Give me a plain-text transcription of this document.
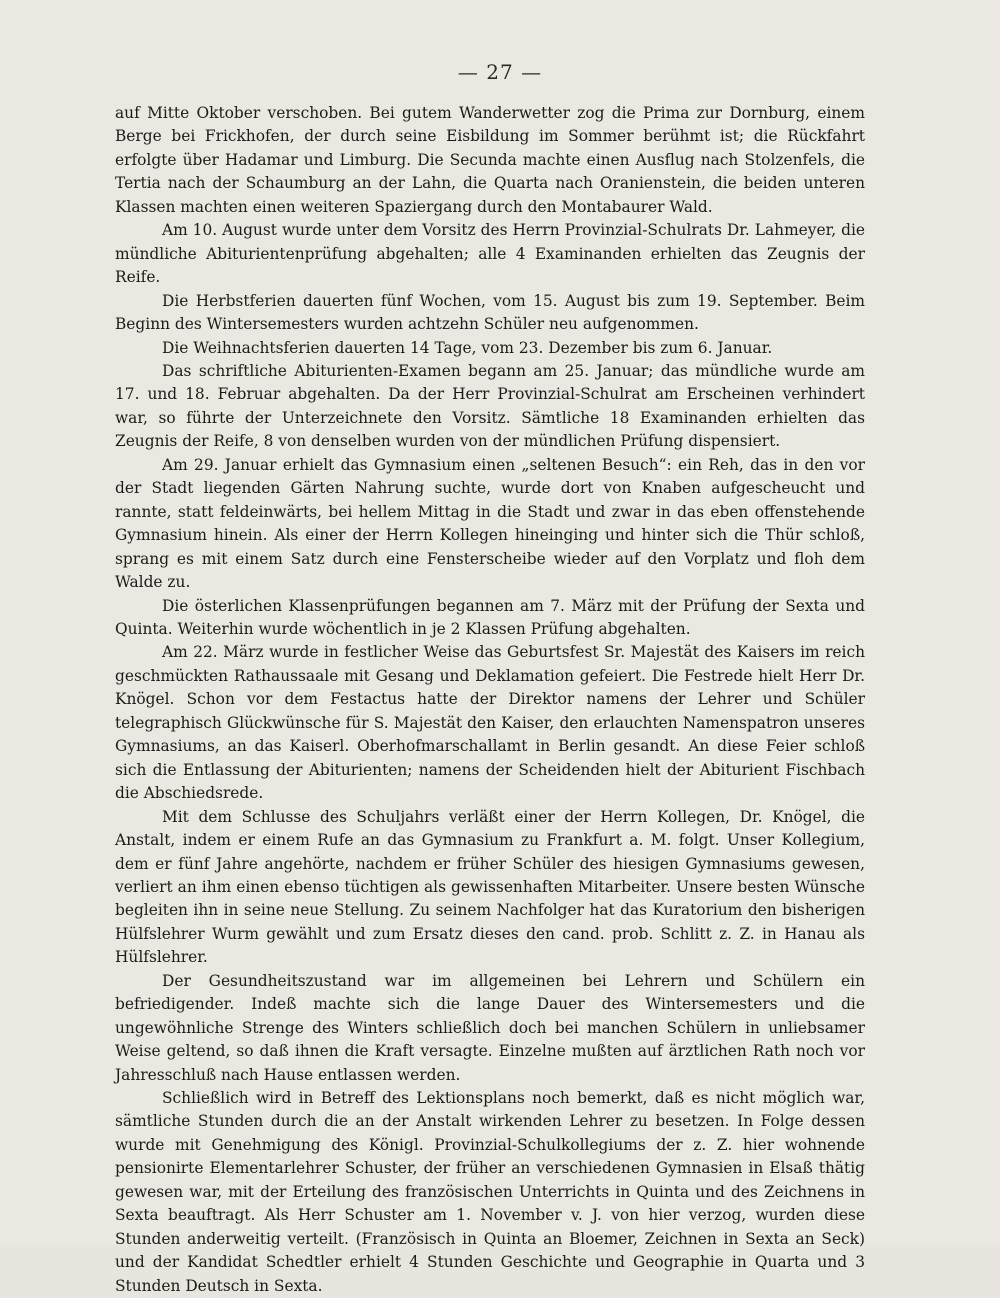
— 27 —

auf Mitte Oktober verschoben. Bei gutem Wanderwetter zog die Prima zur Dornburg, einem Berge bei Frickhofen, der durch seine Eisbildung im Sommer berühmt ist; die Rückfahrt erfolgte über Hadamar und Limburg. Die Secunda machte einen Ausflug nach Stolzenfels, die Tertia nach der Schaumburg an der Lahn, die Quarta nach Oranienstein, die beiden unteren Klassen machten einen weiteren Spaziergang durch den Montabaurer Wald.

Am 10. August wurde unter dem Vorsitz des Herrn Provinzial-Schulrats Dr. Lahmeyer, die mündliche Abiturientenprüfung abgehalten; alle 4 Examinanden erhielten das Zeugnis der Reife.

Die Herbstferien dauerten fünf Wochen, vom 15. August bis zum 19. September. Beim Beginn des Wintersemesters wurden achtzehn Schüler neu aufgenommen.

Die Weihnachtsferien dauerten 14 Tage, vom 23. Dezember bis zum 6. Januar.

Das schriftliche Abiturienten-Examen begann am 25. Januar; das mündliche wurde am 17. und 18. Februar abgehalten. Da der Herr Provinzial-Schulrat am Erscheinen verhindert war, so führte der Unterzeichnete den Vorsitz. Sämtliche 18 Examinanden erhielten das Zeugnis der Reife, 8 von denselben wurden von der mündlichen Prüfung dispensiert.

Am 29. Januar erhielt das Gymnasium einen „seltenen Besuch“: ein Reh, das in den vor der Stadt liegenden Gärten Nahrung suchte, wurde dort von Knaben aufgescheucht und rannte, statt feldeinwärts, bei hellem Mittag in die Stadt und zwar in das eben offenstehende Gymnasium hinein. Als einer der Herrn Kollegen hineinging und hinter sich die Thür schloß, sprang es mit einem Satz durch eine Fensterscheibe wieder auf den Vorplatz und floh dem Walde zu.

Die österlichen Klassenprüfungen begannen am 7. März mit der Prüfung der Sexta und Quinta. Weiterhin wurde wöchentlich in je 2 Klassen Prüfung abgehalten.

Am 22. März wurde in festlicher Weise das Geburtsfest Sr. Majestät des Kaisers im reich geschmückten Rathaussaale mit Gesang und Deklamation gefeiert. Die Festrede hielt Herr Dr. Knögel. Schon vor dem Festactus hatte der Direktor namens der Lehrer und Schüler telegraphisch Glückwünsche für S. Majestät den Kaiser, den erlauchten Namenspatron unseres Gymnasiums, an das Kaiserl. Oberhofmarschallamt in Berlin gesandt. An diese Feier schloß sich die Entlassung der Abiturienten; namens der Scheidenden hielt der Abiturient Fischbach die Abschiedsrede.

Mit dem Schlusse des Schuljahrs verläßt einer der Herrn Kollegen, Dr. Knögel, die Anstalt, indem er einem Rufe an das Gymnasium zu Frankfurt a. M. folgt. Unser Kollegium, dem er fünf Jahre angehörte, nachdem er früher Schüler des hiesigen Gymnasiums gewesen, verliert an ihm einen ebenso tüchtigen als gewissenhaften Mitarbeiter. Unsere besten Wünsche begleiten ihn in seine neue Stellung. Zu seinem Nachfolger hat das Kuratorium den bisherigen Hülfslehrer Wurm gewählt und zum Ersatz dieses den cand. prob. Schlitt z. Z. in Hanau als Hülfslehrer.

Der Gesundheitszustand war im allgemeinen bei Lehrern und Schülern ein befriedigender. Indeß machte sich die lange Dauer des Wintersemesters und die ungewöhnliche Strenge des Winters schließlich doch bei manchen Schülern in unliebsamer Weise geltend, so daß ihnen die Kraft versagte. Einzelne mußten auf ärztlichen Rath noch vor Jahresschluß nach Hause entlassen werden.

Schließlich wird in Betreff des Lektionsplans noch bemerkt, daß es nicht möglich war, sämtliche Stunden durch die an der Anstalt wirkenden Lehrer zu besetzen. In Folge dessen wurde mit Genehmigung des Königl. Provinzial-Schulkollegiums der z. Z. hier wohnende pensionirte Elementarlehrer Schuster, der früher an verschiedenen Gymnasien in Elsaß thätig gewesen war, mit der Erteilung des französischen Unterrichts in Quinta und des Zeichnens in Sexta beauftragt. Als Herr Schuster am 1. November v. J. von hier verzog, wurden diese Stunden anderweitig verteilt. (Französisch in Quinta an Bloemer, Zeichnen in Sexta an Seck) und der Kandidat Schedtler erhielt 4 Stunden Geschichte und Geographie in Quarta und 3 Stunden Deutsch in Sexta.
